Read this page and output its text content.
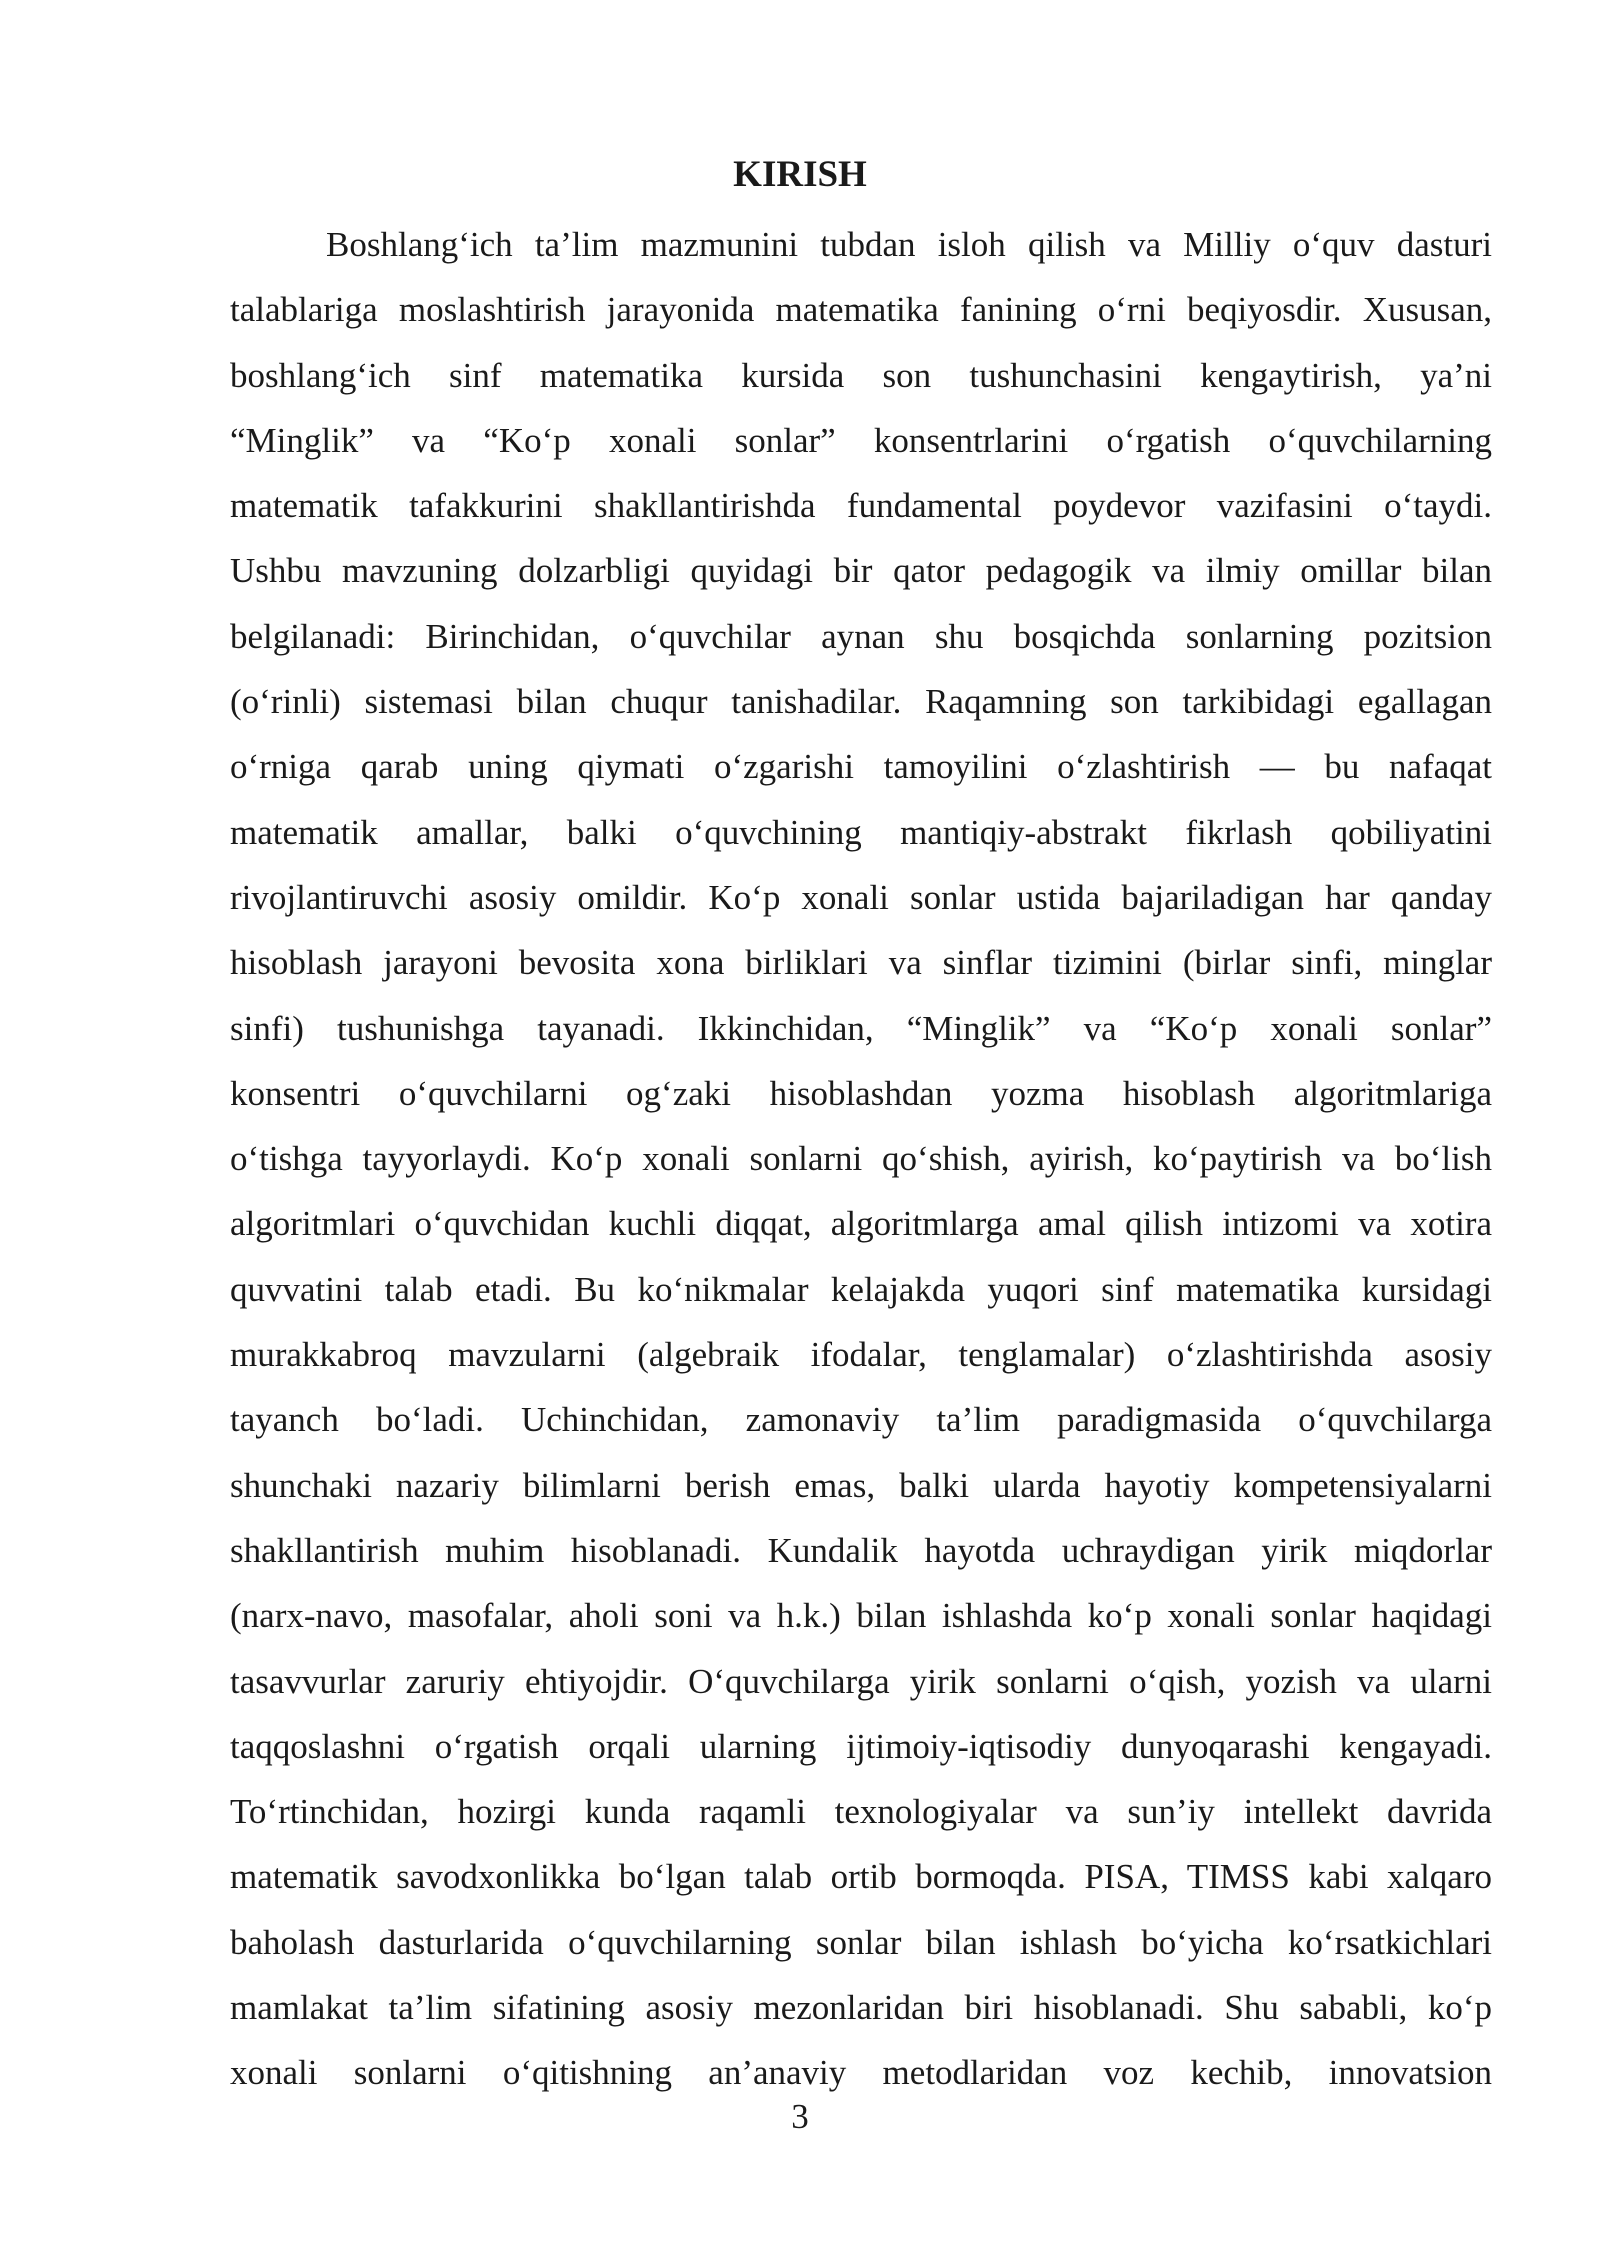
KIRISH
Boshlang‘ich ta’lim mazmunini tubdan isloh qilish va Milliy o‘quv dasturi
talablariga moslashtirish jarayonida matematika fanining o‘rni beqiyosdir. Xususan,
boshlang‘ich sinf matematika kursida son tushunchasini kengaytirish, ya’ni
“Minglik” va “Ko‘p xonali sonlar” konsentrlarini o‘rgatish o‘quvchilarning
matematik tafakkurini shakllantirishda fundamental poydevor vazifasini o‘taydi.
Ushbu mavzuning dolzarbligi quyidagi bir qator pedagogik va ilmiy omillar bilan
belgilanadi: Birinchidan, o‘quvchilar aynan shu bosqichda sonlarning pozitsion
(o‘rinli) sistemasi bilan chuqur tanishadilar. Raqamning son tarkibidagi egallagan
o‘rniga qarab uning qiymati o‘zgarishi tamoyilini o‘zlashtirish — bu nafaqat
matematik amallar, balki o‘quvchining mantiqiy-abstrakt fikrlash qobiliyatini
rivojlantiruvchi asosiy omildir. Ko‘p xonali sonlar ustida bajariladigan har qanday
hisoblash jarayoni bevosita xona birliklari va sinflar tizimini (birlar sinfi, minglar
sinfi) tushunishga tayanadi. Ikkinchidan, “Minglik” va “Ko‘p xonali sonlar”
konsentri o‘quvchilarni og‘zaki hisoblashdan yozma hisoblash algoritmlariga
o‘tishga tayyorlaydi. Ko‘p xonali sonlarni qo‘shish, ayirish, ko‘paytirish va bo‘lish
algoritmlari o‘quvchidan kuchli diqqat, algoritmlarga amal qilish intizomi va xotira
quvvatini talab etadi. Bu ko‘nikmalar kelajakda yuqori sinf matematika kursidagi
murakkabroq mavzularni (algebraik ifodalar, tenglamalar) o‘zlashtirishda asosiy
tayanch bo‘ladi. Uchinchidan, zamonaviy ta’lim paradigmasida o‘quvchilarga
shunchaki nazariy bilimlarni berish emas, balki ularda hayotiy kompetensiyalarni
shakllantirish muhim hisoblanadi. Kundalik hayotda uchraydigan yirik miqdorlar
(narx-navo, masofalar, aholi soni va h.k.) bilan ishlashda ko‘p xonali sonlar haqidagi
tasavvurlar zaruriy ehtiyojdir. O‘quvchilarga yirik sonlarni o‘qish, yozish va ularni
taqqoslashni o‘rgatish orqali ularning ijtimoiy-iqtisodiy dunyoqarashi kengayadi.
To‘rtinchidan, hozirgi kunda raqamli texnologiyalar va sun’iy intellekt davrida
matematik savodxonlikka bo‘lgan talab ortib bormoqda. PISA, TIMSS kabi xalqaro
baholash dasturlarida o‘quvchilarning sonlar bilan ishlash bo‘yicha ko‘rsatkichlari
mamlakat ta’lim sifatining asosiy mezonlaridan biri hisoblanadi. Shu sababli, ko‘p
xonali sonlarni o‘qitishning an’anaviy metodlaridan voz kechib, innovatsion
3
